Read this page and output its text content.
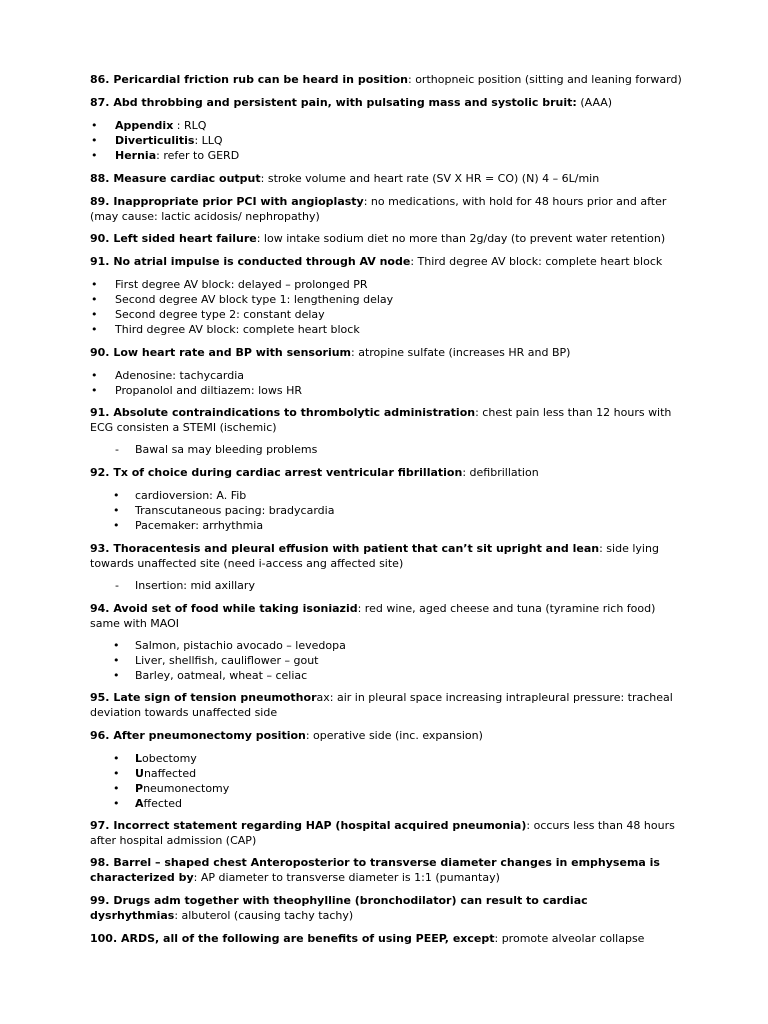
86. Pericardial friction rub can be heard in position: orthopneic position (sitting and leaning forward)

87. Abd throbbing and persistent pain, with pulsating mass and systolic bruit: (AAA)

• Appendix : RLQ
• Diverticulitis: LLQ
• Hernia: refer to GERD

88. Measure cardiac output: stroke volume and heart rate (SV X HR = CO) (N) 4 – 6L/min

89. Inappropriate prior PCI with angioplasty: no medications, with hold for 48 hours prior and after (may cause: lactic acidosis/ nephropathy)

90. Left sided heart failure: low intake sodium diet no more than 2g/day (to prevent water retention)

91. No atrial impulse is conducted through AV node: Third degree AV block: complete heart block

• First degree AV block: delayed – prolonged PR
• Second degree AV block type 1: lengthening delay
• Second degree type 2: constant delay
• Third degree AV block: complete heart block

90. Low heart rate and BP with sensorium: atropine sulfate (increases HR and BP)

• Adenosine: tachycardia
• Propanolol and diltiazem: lows HR

91. Absolute contraindications to thrombolytic administration: chest pain less than 12 hours with ECG consisten a STEMI (ischemic)

- Bawal sa may bleeding problems

92. Tx of choice during cardiac arrest ventricular fibrillation: defibrillation

• cardioversion: A. Fib
• Transcutaneous pacing: bradycardia
• Pacemaker: arrhythmia

93. Thoracentesis and pleural effusion with patient that can’t sit upright and lean: side lying towards unaffected site (need i-access ang affected site)

- Insertion: mid axillary

94. Avoid set of food while taking isoniazid: red wine, aged cheese and tuna (tyramine rich food) same with MAOI

• Salmon, pistachio avocado – levedopa
• Liver, shellfish, cauliflower – gout
• Barley, oatmeal, wheat – celiac

95. Late sign of tension pneumothorax: air in pleural space increasing intrapleural pressure: tracheal deviation towards unaffected side

96. After pneumonectomy position: operative side (inc. expansion)

• Lobectomy
• Unaffected
• Pneumonectomy
• Affected

97. Incorrect statement regarding HAP (hospital acquired pneumonia): occurs less than 48 hours after hospital admission (CAP)

98. Barrel – shaped chest Anteroposterior to transverse diameter changes in emphysema is characterized by: AP diameter to transverse diameter is 1:1 (pumantay)

99. Drugs adm together with theophylline (bronchodilator) can result to cardiac dysrhythmias: albuterol (causing tachy tachy)

100. ARDS, all of the following are benefits of using PEEP, except: promote alveolar collapse
